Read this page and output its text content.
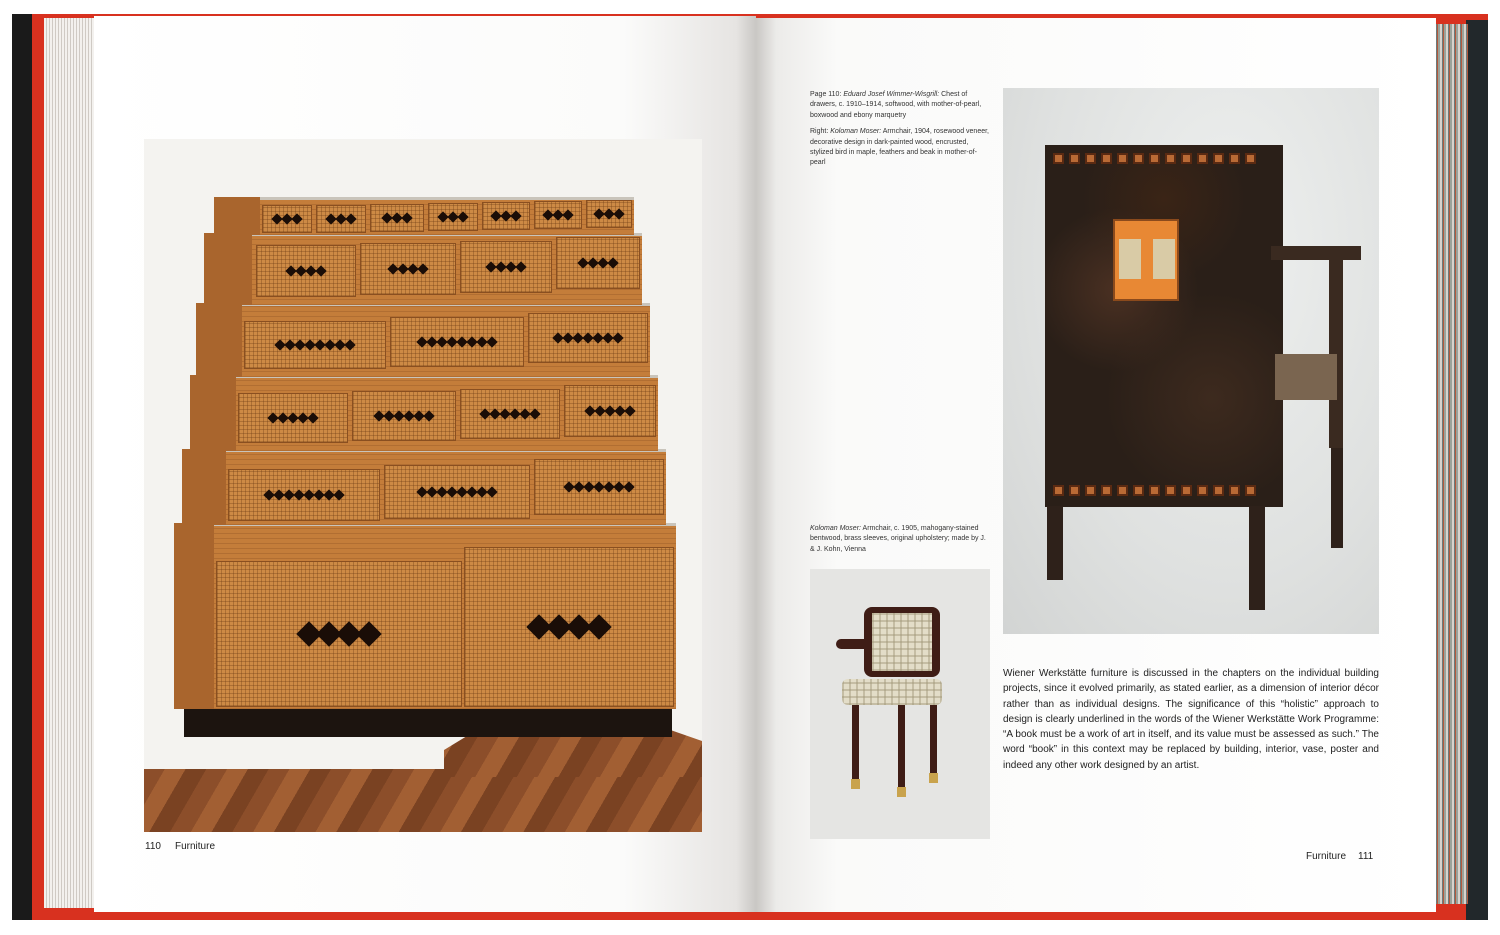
110 Furniture

Page 110: Eduard Josef Wimmer-Wisgrill: Chest of drawers, c. 1910–1914, softwood, with mother-of-pearl, boxwood and ebony marquetry

Right: Koloman Moser: Armchair, 1904, rosewood veneer, decorative design in dark-painted wood, encrusted, stylized bird in maple, feathers and beak in mother-of-pearl

Koloman Moser: Armchair, c. 1905, mahogany-stained bentwood, brass sleeves, original upholstery; made by J. & J. Kohn, Vienna

Wiener Werkstätte furniture is discussed in the chapters on the individual building projects, since it evolved primarily, as stated earlier, as a dimension of interior décor rather than as individual designs. The significance of this “holistic” approach to design is clearly underlined in the words of the Wiener Werkstätte Work Programme: “A book must be a work of art in itself, and its value must be assessed as such.” The word “book” in this context may be replaced by building, interior, vase, poster and indeed any other work designed by an artist.
Furniture 111
